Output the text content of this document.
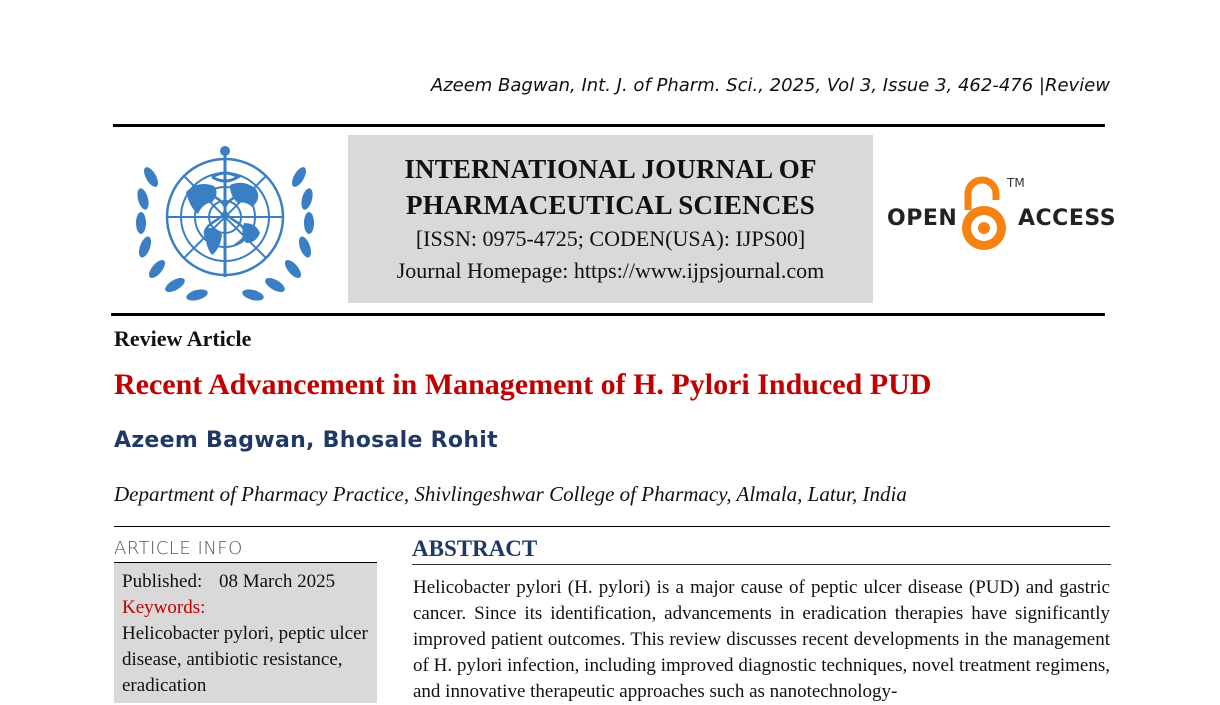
Azeem Bagwan, Int. J. of Pharm. Sci., 2025, Vol 3, Issue 3, 462-476 |Review
INTERNATIONAL JOURNAL OF
PHARMACEUTICAL SCIENCES
[ISSN: 0975-4725; CODEN(USA): IJPS00]
Journal Homepage: https://www.ijpsjournal.com
OPEN
TM
ACCESS
Review Article
Recent Advancement in Management of H. Pylori Induced PUD
Azeem Bagwan, Bhosale Rohit
Department of Pharmacy Practice, Shivlingeshwar College of Pharmacy, Almala, Latur, India
ARTICLE INFO
Published: 08 March 2025
Keywords:
Helicobacter pylori, peptic ulcer disease, antibiotic resistance, eradication
ABSTRACT
Helicobacter pylori (H. pylori) is a major cause of peptic ulcer disease (PUD) and gastric cancer. Since its identification, advancements in eradication therapies have significantly improved patient outcomes. This review discusses recent developments in the management of H. pylori infection, including improved diagnostic techniques, novel treatment regimens, and innovative therapeutic approaches such as nanotechnology-
